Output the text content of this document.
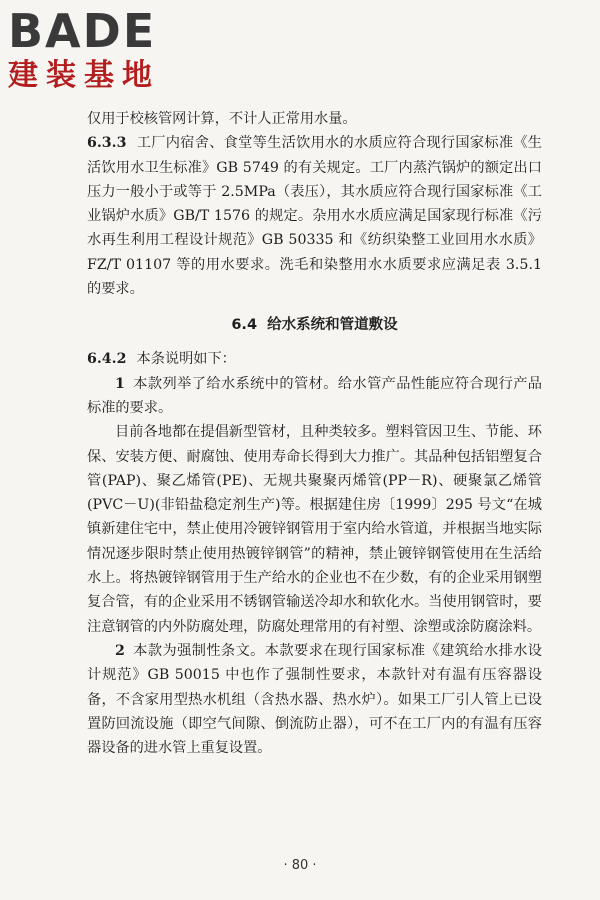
BADE
建装基地

仅用于校核管网计算，不计人正常用水量。

6.3.3 工厂内宿舍、食堂等生活饮用水的水质应符合现行国家标准《生活饮用水卫生标准》GB 5749 的有关规定。工厂内蒸汽锅炉的额定出口压力一般小于或等于 2.5MPa（表压），其水质应符合现行国家标准《工业锅炉水质》GB/T 1576 的规定。杂用水水质应满足国家现行标准《污水再生利用工程设计规范》GB 50335 和《纺织染整工业回用水水质》FZ/T 01107 等的用水要求。洗毛和染整用水水质要求应满足表 3.5.1 的要求。

6.4 给水系统和管道敷设

6.4.2 本条说明如下：

1 本款列举了给水系统中的管材。给水管产品性能应符合现行产品标准的要求。

目前各地都在提倡新型管材，且种类较多。塑料管因卫生、节能、环保、安装方便、耐腐蚀、使用寿命长得到大力推广。其品种包括铝塑复合管(PAP)、聚乙烯管(PE)、无规共聚聚丙烯管(PP－R)、硬聚氯乙烯管(PVC－U)(非铅盐稳定剂生产)等。根据建住房〔1999〕295 号文“在城镇新建住宅中，禁止使用冷镀锌钢管用于室内给水管道，并根据当地实际情况逐步限时禁止使用热镀锌钢管”的精神，禁止镀锌钢管使用在生活给水上。将热镀锌钢管用于生产给水的企业也不在少数，有的企业采用钢塑复合管，有的企业采用不锈钢管输送冷却水和软化水。当使用钢管时，要注意钢管的内外防腐处理，防腐处理常用的有衬塑、涂塑或涂防腐涂料。

2 本款为强制性条文。本款要求在现行国家标准《建筑给水排水设计规范》GB 50015 中也作了强制性要求，本款针对有温有压容器设备，不含家用型热水机组（含热水器、热水炉）。如果工厂引人管上已设置防回流设施（即空气间隙、倒流防止器），可不在工厂内的有温有压容器设备的进水管上重复设置。

· 80 ·
